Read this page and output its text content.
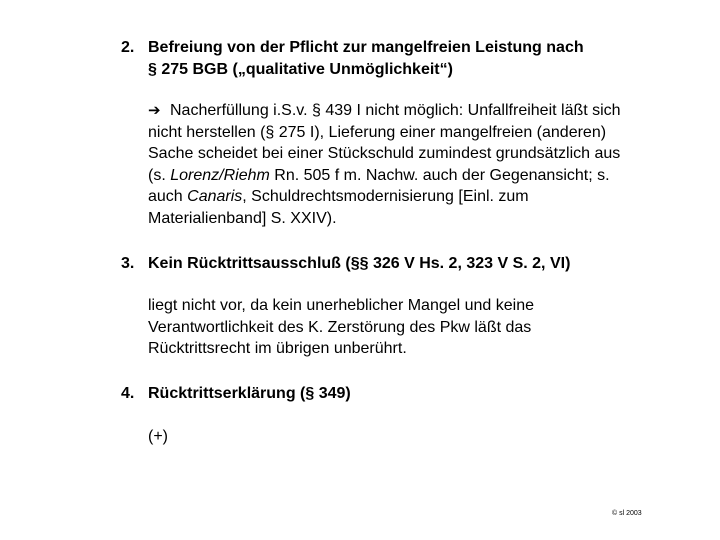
2. Befreiung von der Pflicht zur mangelfreien Leistung nach
§ 275 BGB („qualitative Unmöglichkeit“)
➔ Nacherfüllung i.S.v. § 439 I nicht möglich: Unfallfreiheit läßt sich
nicht herstellen (§ 275 I), Lieferung einer mangelfreien (anderen)
Sache scheidet bei einer Stückschuld zumindest grundsätzlich aus
(s. Lorenz/Riehm Rn. 505 f m. Nachw. auch der Gegenansicht; s.
auch Canaris, Schuldrechtsmodernisierung [Einl. zum
Materialienband] S. XXIV).
3. Kein Rücktrittsausschluß (§§ 326 V Hs. 2, 323 V S. 2, VI)
liegt nicht vor, da kein unerheblicher Mangel und keine
Verantwortlichkeit des K. Zerstörung des Pkw läßt das
Rücktrittsrecht im übrigen unberührt.
4. Rücktrittserklärung (§ 349)
(+)
© sl 2003
